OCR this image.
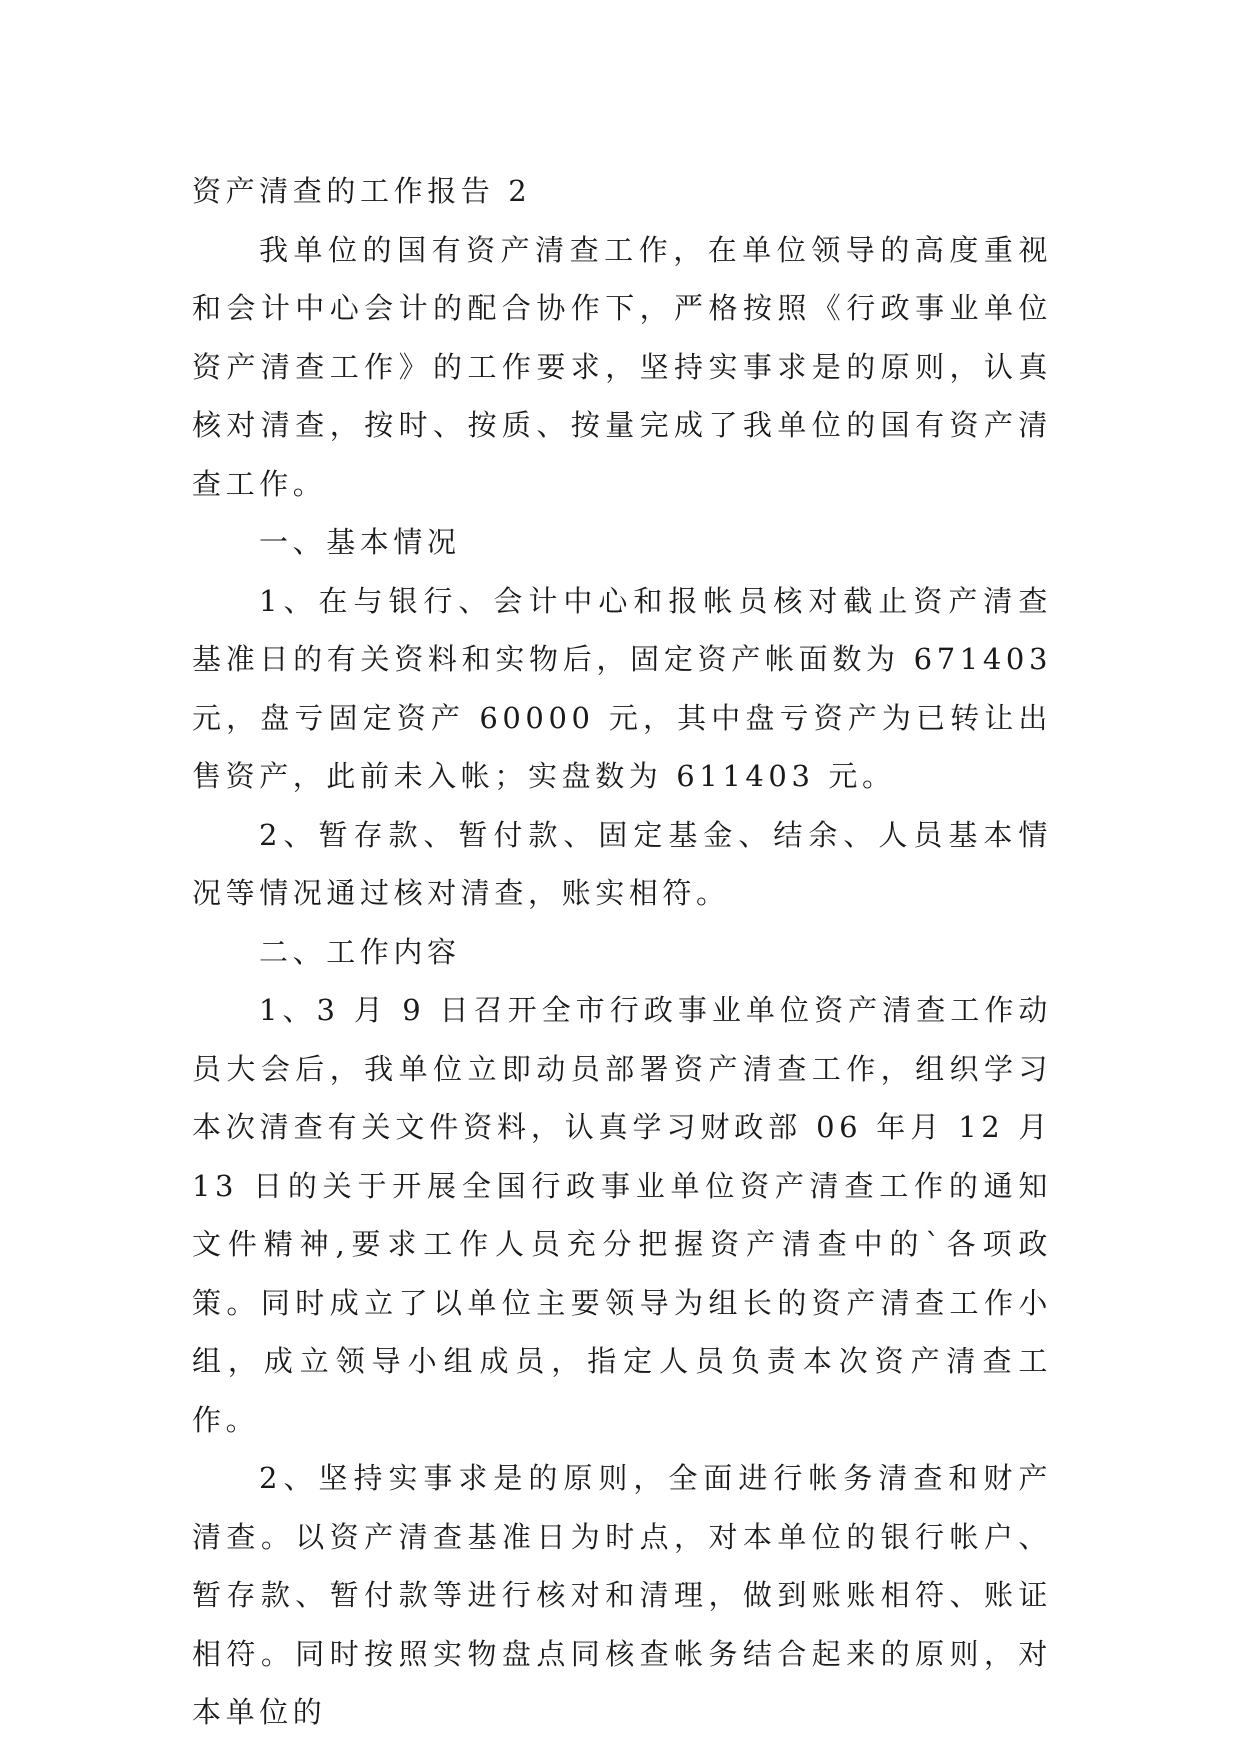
资产清查的工作报告 2

我单位的国有资产清查工作，在单位领导的高度重视和会计中心会计的配合协作下，严格按照《行政事业单位资产清查工作》的工作要求，坚持实事求是的原则，认真核对清查，按时、按质、按量完成了我单位的国有资产清查工作。

一、基本情况

1、在与银行、会计中心和报帐员核对截止资产清查基准日的有关资料和实物后，固定资产帐面数为 671403 元，盘亏固定资产 60000 元，其中盘亏资产为已转让出售资产，此前未入帐；实盘数为 611403 元。

2、暂存款、暂付款、固定基金、结余、人员基本情况等情况通过核对清查，账实相符。

二、工作内容

1、3 月 9 日召开全市行政事业单位资产清查工作动员大会后，我单位立即动员部署资产清查工作，组织学习本次清查有关文件资料，认真学习财政部 06 年月 12 月 13 日的关于开展全国行政事业单位资产清查工作的通知文件精神,要求工作人员充分把握资产清查中的`各项政策。同时成立了以单位主要领导为组长的资产清查工作小组，成立领导小组成员，指定人员负责本次资产清查工作。

2、坚持实事求是的原则，全面进行帐务清查和财产清查。以资产清查基准日为时点，对本单位的银行帐户、暂存款、暂付款等进行核对和清理，做到账账相符、账证相符。同时按照实物盘点同核查帐务结合起来的原则，对本单位的
